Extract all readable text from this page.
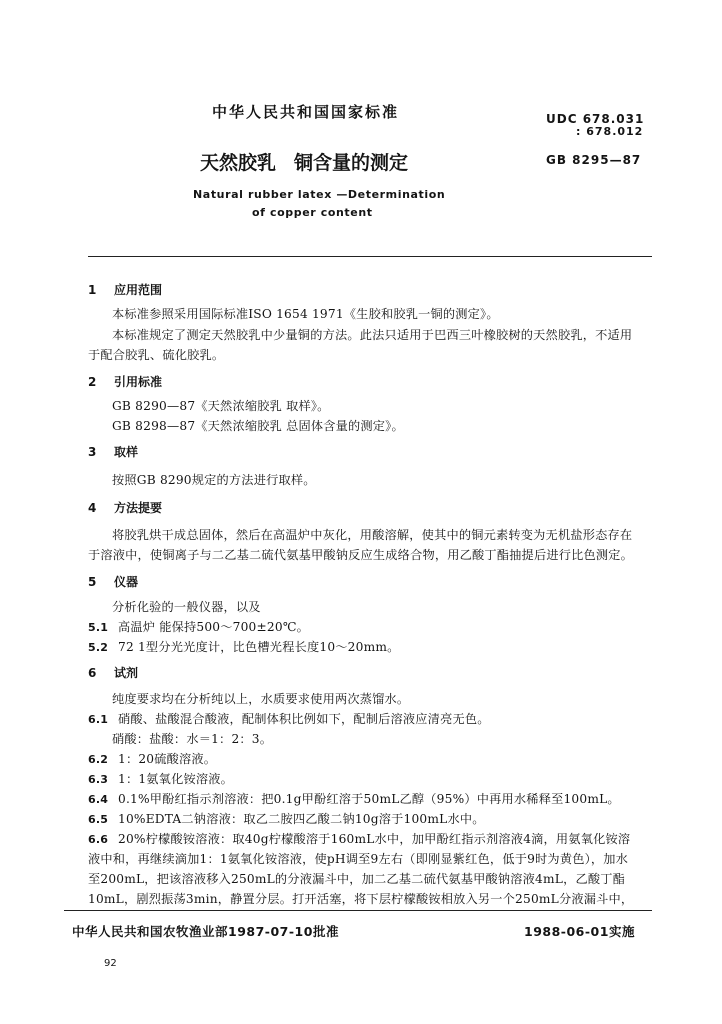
中华人民共和国国家标准	UDC 678.031
: 678.012
GB 8295—87
天然胶乳 铜含量的测定
Natural rubber latex —Determination
of copper content
1 应用范围
本标准参照采用国际标准ISO 1654 1971《生胶和胶乳一铜的测定》。
本标准规定了测定天然胶乳中少量铜的方法。此法只适用于巴西三叶橡胶树的天然胶乳，不适用
于配合胶乳、硫化胶乳。
2 引用标准
GB 8290—87《天然浓缩胶乳 取样》。
GB 8298—87《天然浓缩胶乳 总固体含量的测定》。
3 取样
按照GB 8290规定的方法进行取样。
4 方法提要
将胶乳烘干成总固体，然后在高温炉中灰化，用酸溶解，使其中的铜元素转变为无机盐形态存在
于溶液中，使铜离子与二乙基二硫代氨基甲酸钠反应生成络合物，用乙酸丁酯抽提后进行比色测定。
5 仪器
分析化验的一般仪器，以及
5.1 高温炉 能保持500～700±20℃。
5.2 72 1型分光光度计，比色槽光程长度10～20mm。
6 试剂
纯度要求均在分析纯以上，水质要求使用两次蒸馏水。
6.1 硝酸、盐酸混合酸液，配制体积比例如下，配制后溶液应清亮无色。
硝酸：盐酸：水＝1：2：3。
6.2 1：20硫酸溶液。
6.3 1：1氨氧化铵溶液。
6.4 0.1%甲酚红指示剂溶液：把0.1g甲酚红溶于50mL乙醇（95%）中再用水稀释至100mL。
6.5 10%EDTA二钠溶液：取乙二胺四乙酸二钠10g溶于100mL水中。
6.6 20%柠檬酸铵溶液：取40g柠檬酸溶于160mL水中，加甲酚红指示剂溶液4滴，用氨氧化铵溶
液中和，再继续滴加1：1氨氧化铵溶液，使pH调至9左右（即刚显紫红色，低于9时为黄色），加水
至200mL，把该溶液移入250mL的分液漏斗中，加二乙基二硫代氨基甲酸钠溶液4mL，乙酸丁酯
10mL，剧烈振荡3min，静置分层。打开活塞，将下层柠檬酸铵相放入另一个250mL分液漏斗中，
中华人民共和国农牧渔业部1987-07-10批准	1988-06-01实施
92
